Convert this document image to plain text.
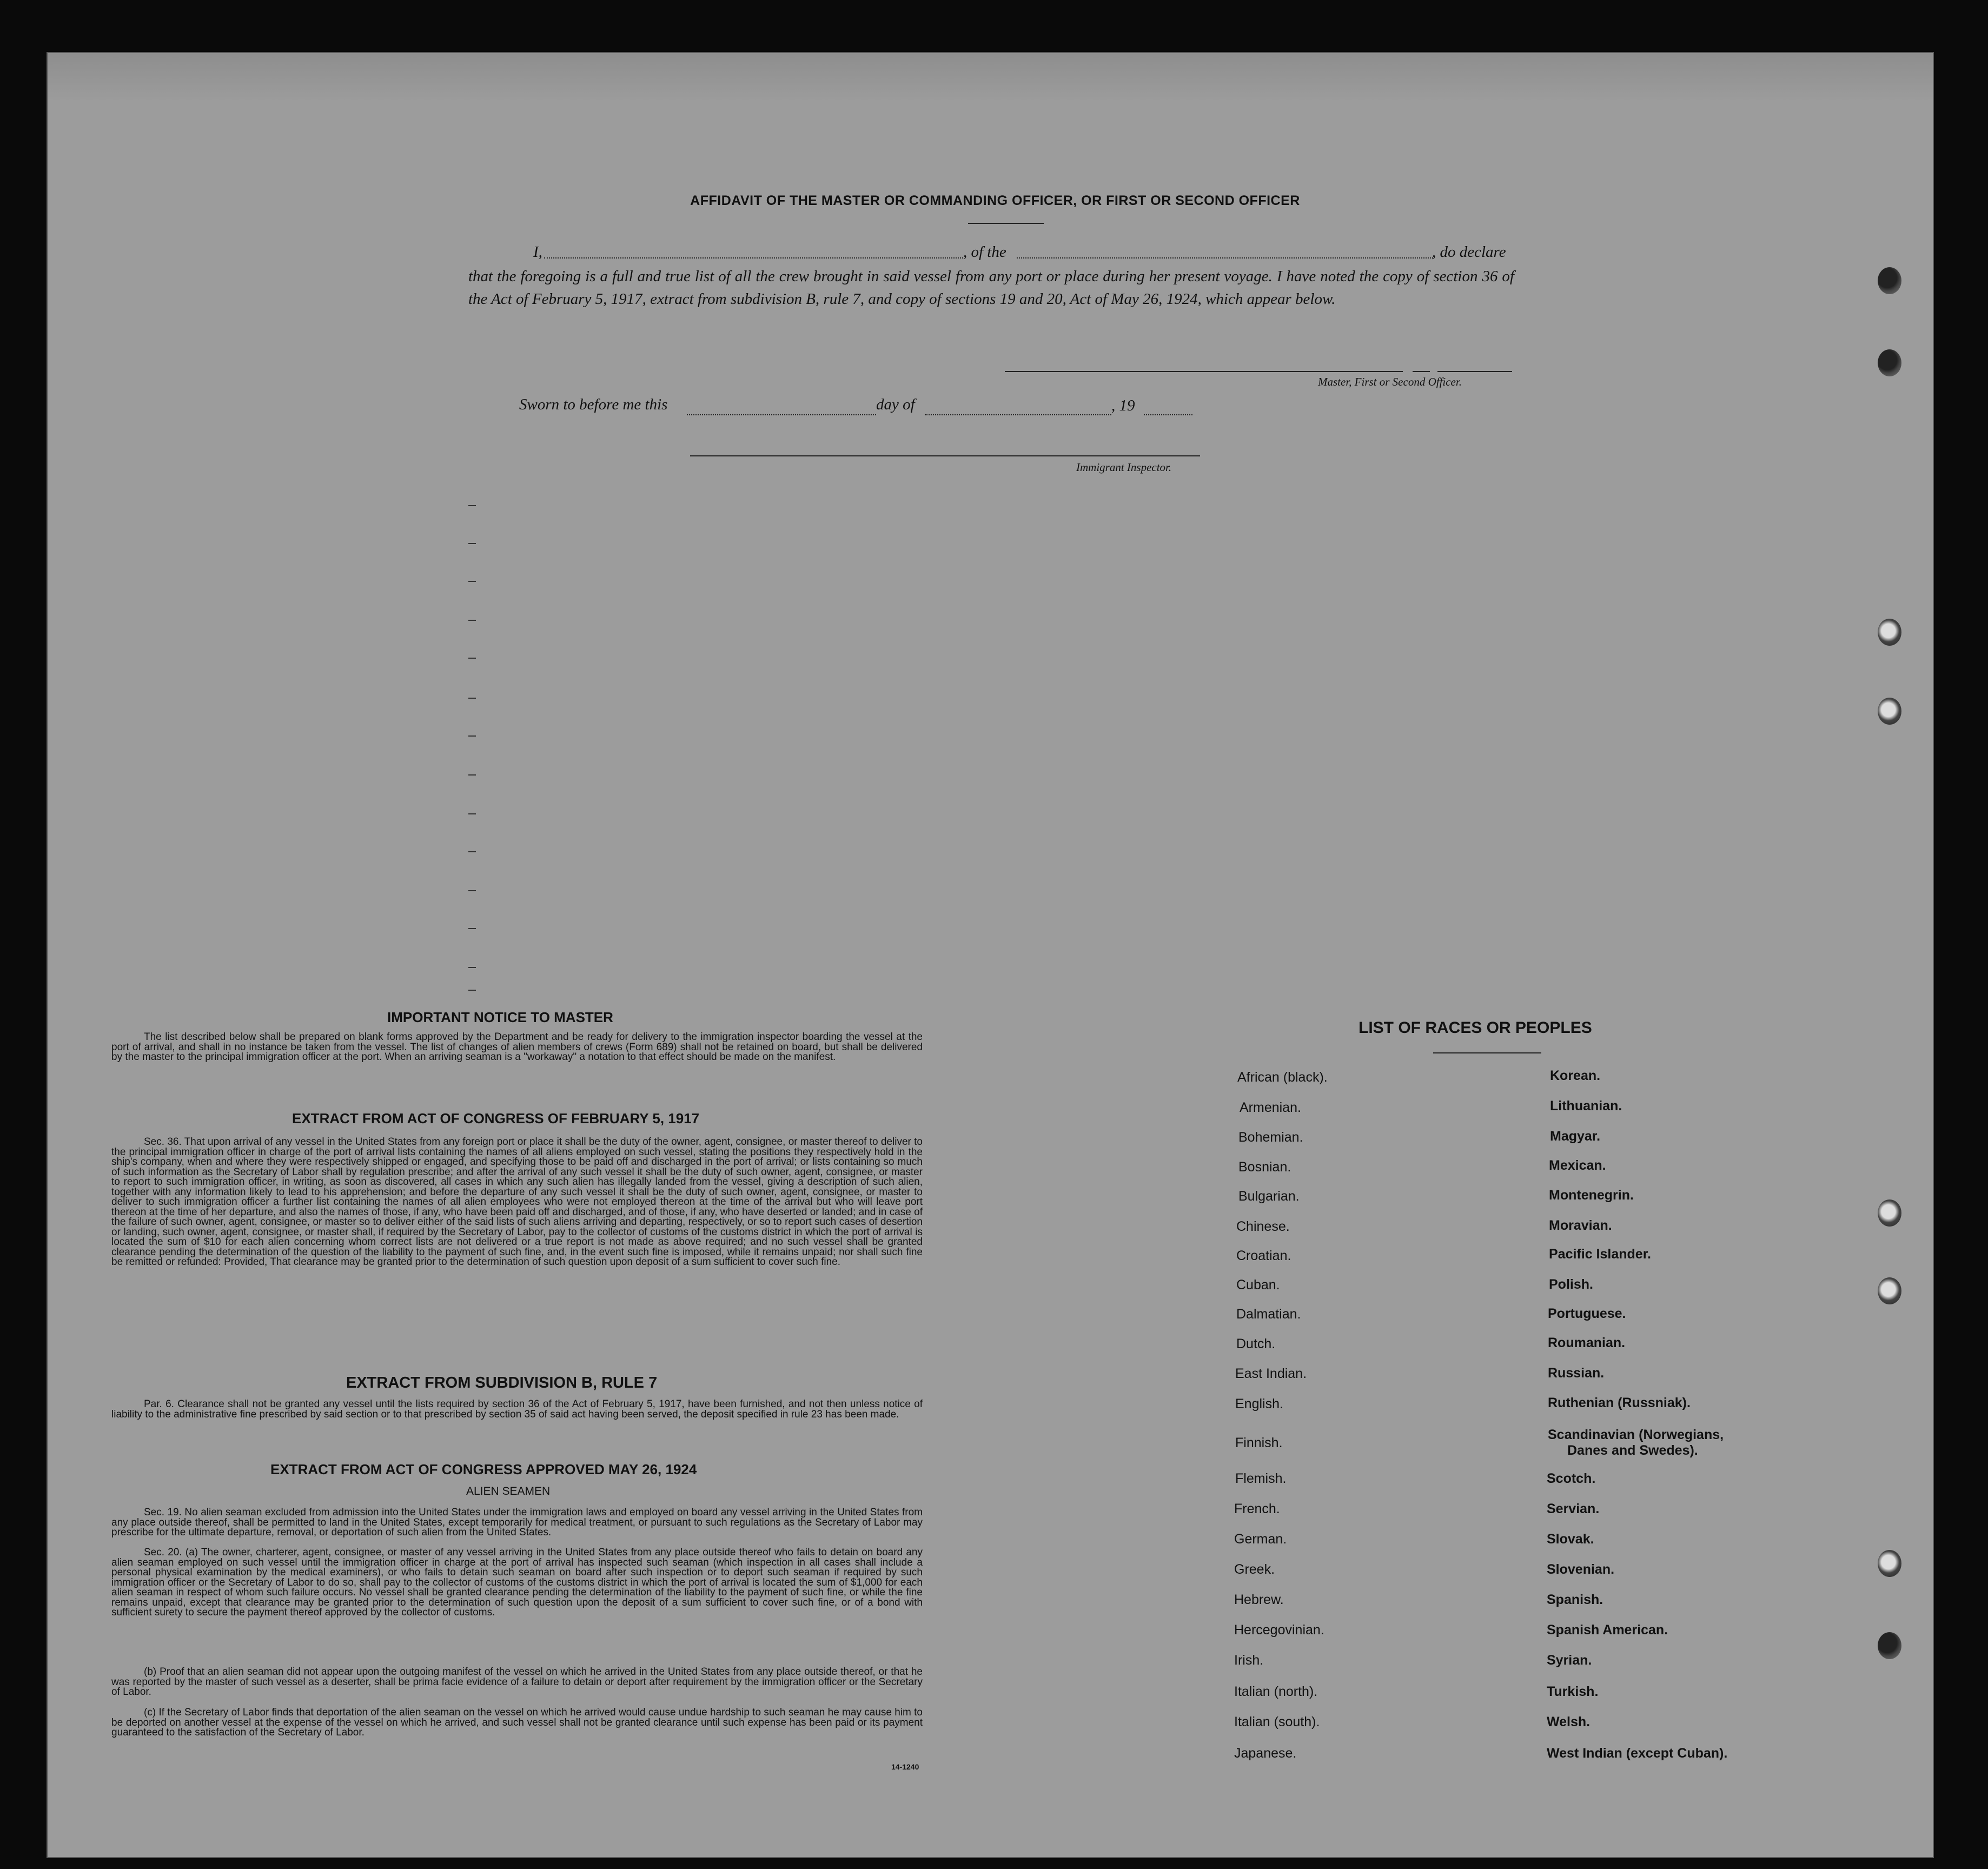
AFFIDAVIT OF THE MASTER OR COMMANDING OFFICER, OR FIRST OR SECOND OFFICER
I,	, of the	, do declare
that the foregoing is a full and true list of all the crew brought in said vessel from any port or place during her present voyage. I have noted the copy of section 36 of the Act of February 5, 1917, extract from subdivision B, rule 7, and copy of sections 19 and 20, Act of May 26, 1924, which appear below.
Master, First or Second Officer.
Sworn to before me this	day of	, 19
Immigrant Inspector.
IMPORTANT NOTICE TO MASTER
The list described below shall be prepared on blank forms approved by the Department and be ready for delivery to the immigration inspector boarding the vessel at the port of arrival, and shall in no instance be taken from the vessel. The list of changes of alien members of crews (Form 689) shall not be retained on board, but shall be delivered by the master to the principal immigration officer at the port. When an arriving seaman is a "workaway" a notation to that effect should be made on the manifest.
EXTRACT FROM ACT OF CONGRESS OF FEBRUARY 5, 1917
Sec. 36. That upon arrival of any vessel in the United States from any foreign port or place it shall be the duty of the owner, agent, consignee, or master thereof to deliver to the principal immigration officer in charge of the port of arrival lists containing the names of all aliens employed on such vessel, stating the positions they respectively hold in the ship's company, when and where they were respectively shipped or engaged, and specifying those to be paid off and discharged in the port of arrival; or lists containing so much of such information as the Secretary of Labor shall by regulation prescribe; and after the arrival of any such vessel it shall be the duty of such owner, agent, consignee, or master to report to such immigration officer, in writing, as soon as discovered, all cases in which any such alien has illegally landed from the vessel, giving a description of such alien, together with any information likely to lead to his apprehension; and before the departure of any such vessel it shall be the duty of such owner, agent, consignee, or master to deliver to such immigration officer a further list containing the names of all alien employees who were not employed thereon at the time of the arrival but who will leave port thereon at the time of her departure, and also the names of those, if any, who have been paid off and discharged, and of those, if any, who have deserted or landed; and in case of the failure of such owner, agent, consignee, or master so to deliver either of the said lists of such aliens arriving and departing, respectively, or so to report such cases of desertion or landing, such owner, agent, consignee, or master shall, if required by the Secretary of Labor, pay to the collector of customs of the customs district in which the port of arrival is located the sum of $10 for each alien concerning whom correct lists are not delivered or a true report is not made as above required; and no such vessel shall be granted clearance pending the determination of the question of the liability to the payment of such fine, and, in the event such fine is imposed, while it remains unpaid; nor shall such fine be remitted or refunded: Provided, That clearance may be granted prior to the determination of such question upon deposit of a sum sufficient to cover such fine.
EXTRACT FROM SUBDIVISION B, RULE 7
Par. 6. Clearance shall not be granted any vessel until the lists required by section 36 of the Act of February 5, 1917, have been furnished, and not then unless notice of liability to the administrative fine prescribed by said section or to that prescribed by section 35 of said act having been served, the deposit specified in rule 23 has been made.
EXTRACT FROM ACT OF CONGRESS APPROVED MAY 26, 1924
ALIEN SEAMEN
Sec. 19. No alien seaman excluded from admission into the United States under the immigration laws and employed on board any vessel arriving in the United States from any place outside thereof, shall be permitted to land in the United States, except temporarily for medical treatment, or pursuant to such regulations as the Secretary of Labor may prescribe for the ultimate departure, removal, or deportation of such alien from the United States.
Sec. 20. (a) The owner, charterer, agent, consignee, or master of any vessel arriving in the United States from any place outside thereof who fails to detain on board any alien seaman employed on such vessel until the immigration officer in charge at the port of arrival has inspected such seaman (which inspection in all cases shall include a personal physical examination by the medical examiners), or who fails to detain such seaman on board after such inspection or to deport such seaman if required by such immigration officer or the Secretary of Labor to do so, shall pay to the collector of customs of the customs district in which the port of arrival is located the sum of $1,000 for each alien seaman in respect of whom such failure occurs. No vessel shall be granted clearance pending the determination of the liability to the payment of such fine, or while the fine remains unpaid, except that clearance may be granted prior to the determination of such question upon the deposit of a sum sufficient to cover such fine, or of a bond with sufficient surety to secure the payment thereof approved by the collector of customs.
(b) Proof that an alien seaman did not appear upon the outgoing manifest of the vessel on which he arrived in the United States from any place outside thereof, or that he was reported by the master of such vessel as a deserter, shall be prima facie evidence of a failure to detain or deport after requirement by the immigration officer or the Secretary of Labor.
(c) If the Secretary of Labor finds that deportation of the alien seaman on the vessel on which he arrived would cause undue hardship to such seaman he may cause him to be deported on another vessel at the expense of the vessel on which he arrived, and such vessel shall not be granted clearance until such expense has been paid or its payment guaranteed to the satisfaction of the Secretary of Labor.
14-1240
LIST OF RACES OR PEOPLES
African (black).
Armenian.
Bohemian.
Bosnian.
Bulgarian.
Chinese.
Croatian.
Cuban.
Dalmatian.
Dutch.
East Indian.
English.
Finnish.
Flemish.
French.
German.
Greek.
Hebrew.
Hercegovinian.
Irish.
Italian (north).
Italian (south).
Japanese.
Korean.
Lithuanian.
Magyar.
Mexican.
Montenegrin.
Moravian.
Pacific Islander.
Polish.
Portuguese.
Roumanian.
Russian.
Ruthenian (Russniak).
Scandinavian (Norwegians,
Danes and Swedes).
Scotch.
Servian.
Slovak.
Slovenian.
Spanish.
Spanish American.
Syrian.
Turkish.
Welsh.
West Indian (except Cuban).
